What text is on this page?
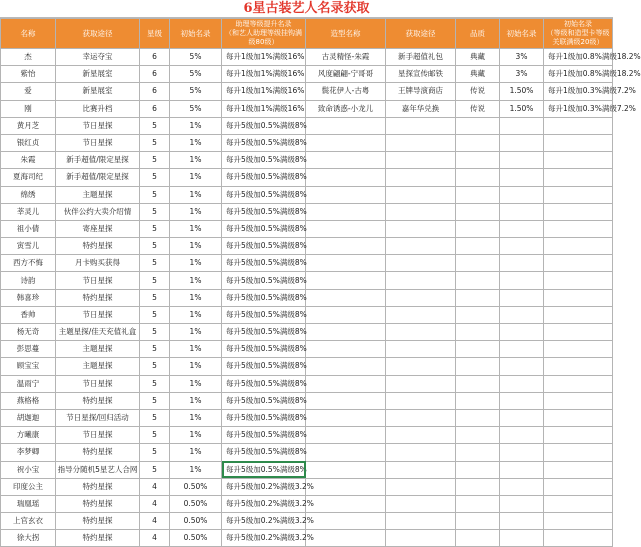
6星古装艺人名录获取
名称	获取途径	星级	初始名录	助理等级提升名录
（和艺人助理等级挂钩满级80级）	造型名称	获取途径	品质	初始名录	初始名录
（等级和造型卡等级关联满级20级）
杰	幸运夺宝	6	5%	每升1级加1%满级16%	古灵精怪-朱霞	新手超值礼包	典藏	3%	每升1级加0.8%满级18.2%
紫怡	新星展室	6	5%	每升1级加1%满级16%	风度翩翩-宁哥哥	星探宣传邮铁	典藏	3%	每升1级加0.8%满级18.2%
爱	新星展室	6	5%	每升1级加1%满级16%	鬓花伊人-古粤	王牌导演商店	传说	1.50%	每升1级加0.3%满级7.2%
刚	比赛升档	6	5%	每升1级加1%满级16%	致命诱惑-小龙儿	嘉年华兑换	传说	1.50%	每升1级加0.3%满级7.2%
黄月芝	节日星探	5	1%	每升5级加0.5%满级8%					
银红贞	节日星探	5	1%	每升5级加0.5%满级8%					
朱霞	新手超值/限定星探	5	1%	每升5级加0.5%满级8%					
夏海司纪	新手超值/限定星探	5	1%	每升5级加0.5%满级8%					
绵绣	主题星探	5	1%	每升5级加0.5%满级8%					
莘灵儿	伙伴公约大卖介绍情	5	1%	每升5级加0.5%满级8%					
祖小倩	寄座星探	5	1%	每升5级加0.5%满级8%					
寅雪儿	特约星探	5	1%	每升5级加0.5%满级8%					
西方不悔	月卡购买获得	5	1%	每升5级加0.5%满级8%					
诗韵	节日星探	5	1%	每升5级加0.5%满级8%					
韩喜珍	特约星探	5	1%	每升5级加0.5%满级8%					
香帅	节日星探	5	1%	每升5级加0.5%满级8%					
杨无奇	主题星探/佳天充值礼盒	5	1%	每升5级加0.5%满级8%					
彭思蔓	主题星探	5	1%	每升5级加0.5%满级8%					
顾宝宝	主题星探	5	1%	每升5级加0.5%满级8%					
温雨宁	节日星探	5	1%	每升5级加0.5%满级8%					
燕格格	特约星探	5	1%	每升5级加0.5%满级8%					
胡迦迦	节日星探/回归活动	5	1%	每升5级加0.5%满级8%					
方曦康	节日星探	5	1%	每升5级加0.5%满级8%					
李梦卿	特约星探	5	1%	每升5级加0.5%满级8%					
祝小宝	指导分随机5星艺人合网	5	1%	每升5级加0.5%满级8%					
印度公主	特约星探	4	0.50%	每升5级加0.2%满级3.2%					
瑞凰瑶	特约星探	4	0.50%	每升5级加0.2%满级3.2%					
上官玄衣	特约星探	4	0.50%	每升5级加0.2%满级3.2%					
徐大拐	特约星探	4	0.50%	每升5级加0.2%满级3.2%					
